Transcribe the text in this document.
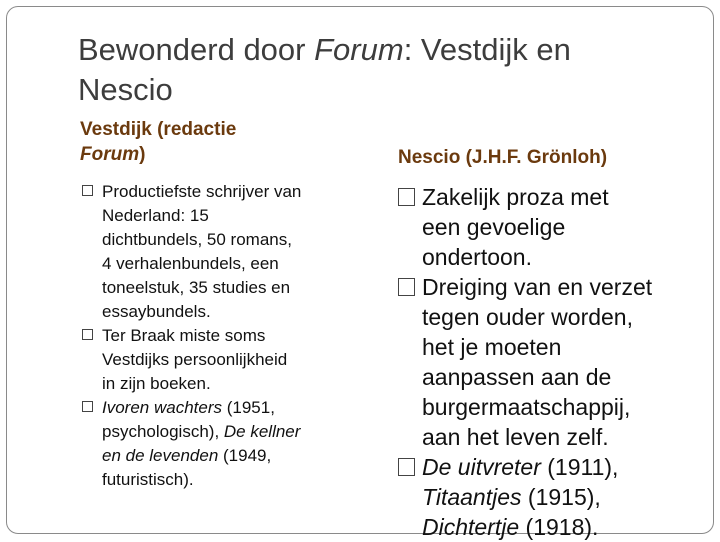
Bewonderd door Forum: Vestdijk en
Nescio
Vestdijk (redactie
Forum)	Nescio (J.H.F. Grönloh)
Productiefste schrijver van
Nederland: 15
dichtbundels, 50 romans,
4 verhalenbundels, een
toneelstuk, 35 studies en
essaybundels.
Ter Braak miste soms
Vestdijks persoonlijkheid
in zijn boeken.
Ivoren wachters (1951,
psychologisch), De kellner
en de levenden (1949,
futuristisch).
Zakelijk proza met
een gevoelige
ondertoon.
Dreiging van en verzet
tegen ouder worden,
het je moeten
aanpassen aan de
burgermaatschappij,
aan het leven zelf.
De uitvreter (1911),
Titaantjes (1915),
Dichtertje (1918).
